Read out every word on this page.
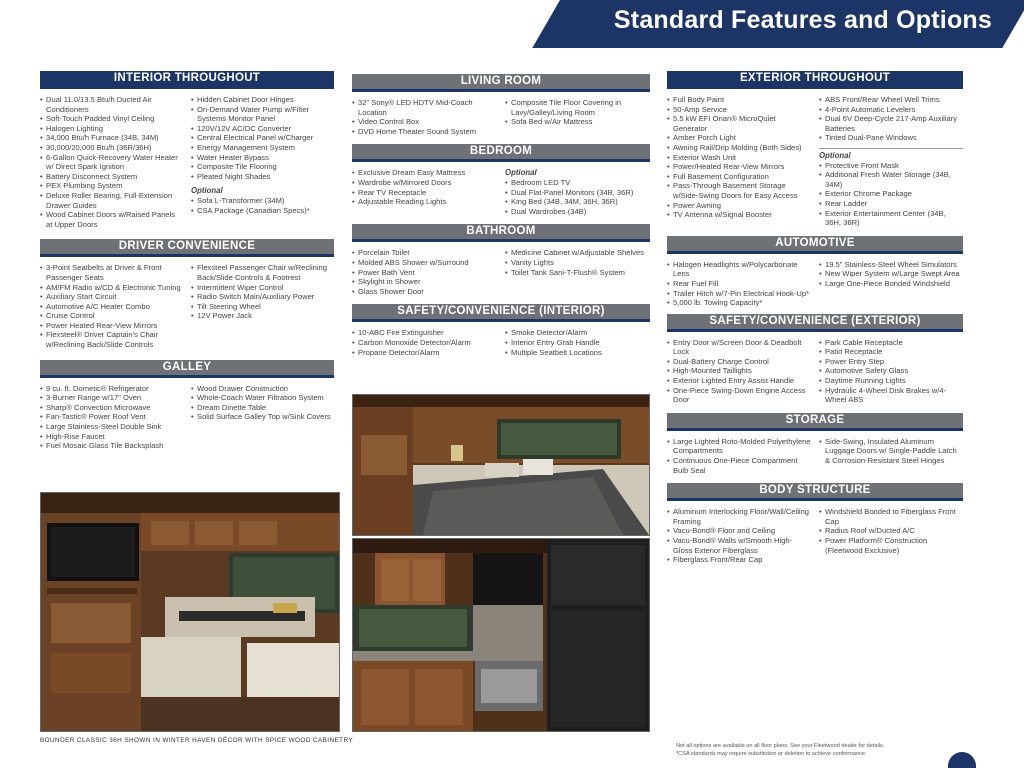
Standard Features and Options
INTERIOR THROUGHOUT
• Dual 11.0/13.5 Btu/h Ducted Air Conditioners
• Soft-Touch Padded Vinyl Ceiling
• Halogen Lighting
• 34,000 Btu/h Furnace (34B, 34M)
• 30,000/20,000 Btu/h (36R/36H)
• 6-Gallon Quick-Recovery Water Heater w/ Direct Spark Ignition
• Battery Disconnect System
• PEX Plumbing System
• Deluxe Roller Bearing, Full-Extension Drawer Guides
• Wood Cabinet Doors w/Raised Panels at Upper Doors
• Hidden Cabinet Door Hinges
• On-Demand Water Pump w/Filter Systems Monitor Panel
• 120V/12V AC/DC Converter
• Central Electrical Panel w/Charger
• Energy Management System
• Water Heater Bypass
• Composite Tile Flooring
• Pleated Night Shades
Optional
• Sofa L-Transformer (34M)
• CSA Package (Canadian Specs)*
DRIVER CONVENIENCE
• 3-Point Seatbelts at Driver & Front Passenger Seats
• AM/FM Radio w/CD & Electronic Tuning
• Auxiliary Start Circuit
• Automotive A/C Heater Combo
• Cruise Control
• Power Heated Rear-View Mirrors
• Flexsteel® Driver Captain's Chair w/Reclining Back/Slide Controls
• Flexsteel Passenger Chair w/Reclining Back/Slide Controls & Footrest
• Intermittent Wiper Control
• Radio Switch Main/Auxiliary Power
• Tilt Steering Wheel
• 12V Power Jack
GALLEY
• 9 cu. ft. Dometic® Refrigerator
• 3-Burner Range w/17" Oven
• Sharp® Convection Microwave
• Fan-Tastic® Power Roof Vent
• Large Stainless-Steel Double Sink
• High-Rise Faucet
• Fuel Mosaic Glass Tile Backsplash
• Wood Drawer Construction
• Whole-Coach Water Filtration System
• Dream Dinette Table
• Solid Surface Galley Top w/Sink Covers
LIVING ROOM
• 32" Sony® LED HDTV Mid-Coach Location
• Video Control Box
• DVD Home Theater Sound System
• Composite Tile Floor Covering in Lavy/Galley/Living Room
• Sofa Bed w/Air Mattress
BEDROOM
• Exclusive Dream Easy Mattress
• Wardrobe w/Mirrored Doors
• Rear TV Receptacle
• Adjustable Reading Lights
Optional
• Bedroom LED TV
• Dual Flat-Panel Monitors (34B, 36R)
• King Bed (34B, 34M, 36H, 36R)
• Dual Wardrobes (34B)
BATHROOM
• Porcelain Toilet
• Molded ABS Shower w/Surround
• Power Bath Vent
• Skylight in Shower
• Glass Shower Door
• Medicine Cabinet w/Adjustable Shelves
• Vanity Lights
• Toilet Tank Sani-T-Flush® System
SAFETY/CONVENIENCE (INTERIOR)
• 10-ABC Fire Extinguisher
• Carbon Monoxide Detector/Alarm
• Propane Detector/Alarm
• Smoke Detector/Alarm
• Interior Entry Grab Handle
• Multiple Seatbelt Locations
EXTERIOR THROUGHOUT
• Full Body Paint
• 50-Amp Service
• 5.5 kW EFI Onan® MicroQuiet Generator
• Amber Porch Light
• Awning Rail/Drip Molding (Both Sides)
• Exterior Wash Unit
• Power/Heated Rear-View Mirrors
• Full Basement Configuration
• Pass-Through Basement Storage w/Side-Swing Doors for Easy Access
• Power Awning
• TV Antenna w/Signal Booster
• ABS Front/Rear Wheel Well Trims
• 4-Point Automatic Levelers
• Dual 6V Deep-Cycle 217-Amp Auxiliary Batteries
• Tinted Dual-Pane Windows
Optional
• Protective Front Mask
• Additional Fresh Water Storage (34B, 34M)
• Exterior Chrome Package
• Rear Ladder
• Exterior Entertainment Center (34B, 36H, 36R)
AUTOMOTIVE
• Halogen Headlights w/Polycarbonate Lens
• Rear Fuel Fill
• Trailer Hitch w/7-Pin Electrical Hook-Up*
• 5,000 lb. Towing Capacity*
• 19.5" Stainless-Steel Wheel Simulators
• New Wiper System w/Large Swept Area
• Large One-Piece Bonded Windshield
SAFETY/CONVENIENCE (EXTERIOR)
• Entry Door w/Screen Door & Deadbolt Lock
• Dual-Battery Charge Control
• High-Mounted Taillights
• Exterior Lighted Entry Assist Handle
• One-Piece Swing-Down Engine Access Door
• Park Cable Receptacle
• Patio Receptacle
• Power Entry Step
• Automotive Safety Glass
• Daytime Running Lights
• Hydraulic 4-Wheel Disk Brakes w/4-Wheel ABS
STORAGE
• Large Lighted Roto-Molded Polyethylene Compartments
• Continuous One-Piece Compartment Bulb Seal
• Side-Swing, Insulated Aluminum Luggage Doors w/ Single-Paddle Latch & Corrosion-Resistant Steel Hinges
BODY STRUCTURE
• Aluminum Interlocking Floor/Wall/Ceiling Framing
• Vacu-Bond® Floor and Ceiling
• Vacu-Bond® Walls w/Smooth High-Gloss Exterior Fiberglass
• Fiberglass Front/Rear Cap
• Windshield Bonded to Fiberglass Front Cap
• Radius Roof w/Ducted A/C
• Power Platform® Construction (Fleetwood Exclusive)
BOUNDER CLASSIC 36H SHOWN IN WINTER HAVEN DÉCOR WITH SPICE WOOD CABINETRY
Not all options are available on all floor plans. See your Fleetwood dealer for details.
*CSA standards may require substitution or deletion to achieve conformance.
